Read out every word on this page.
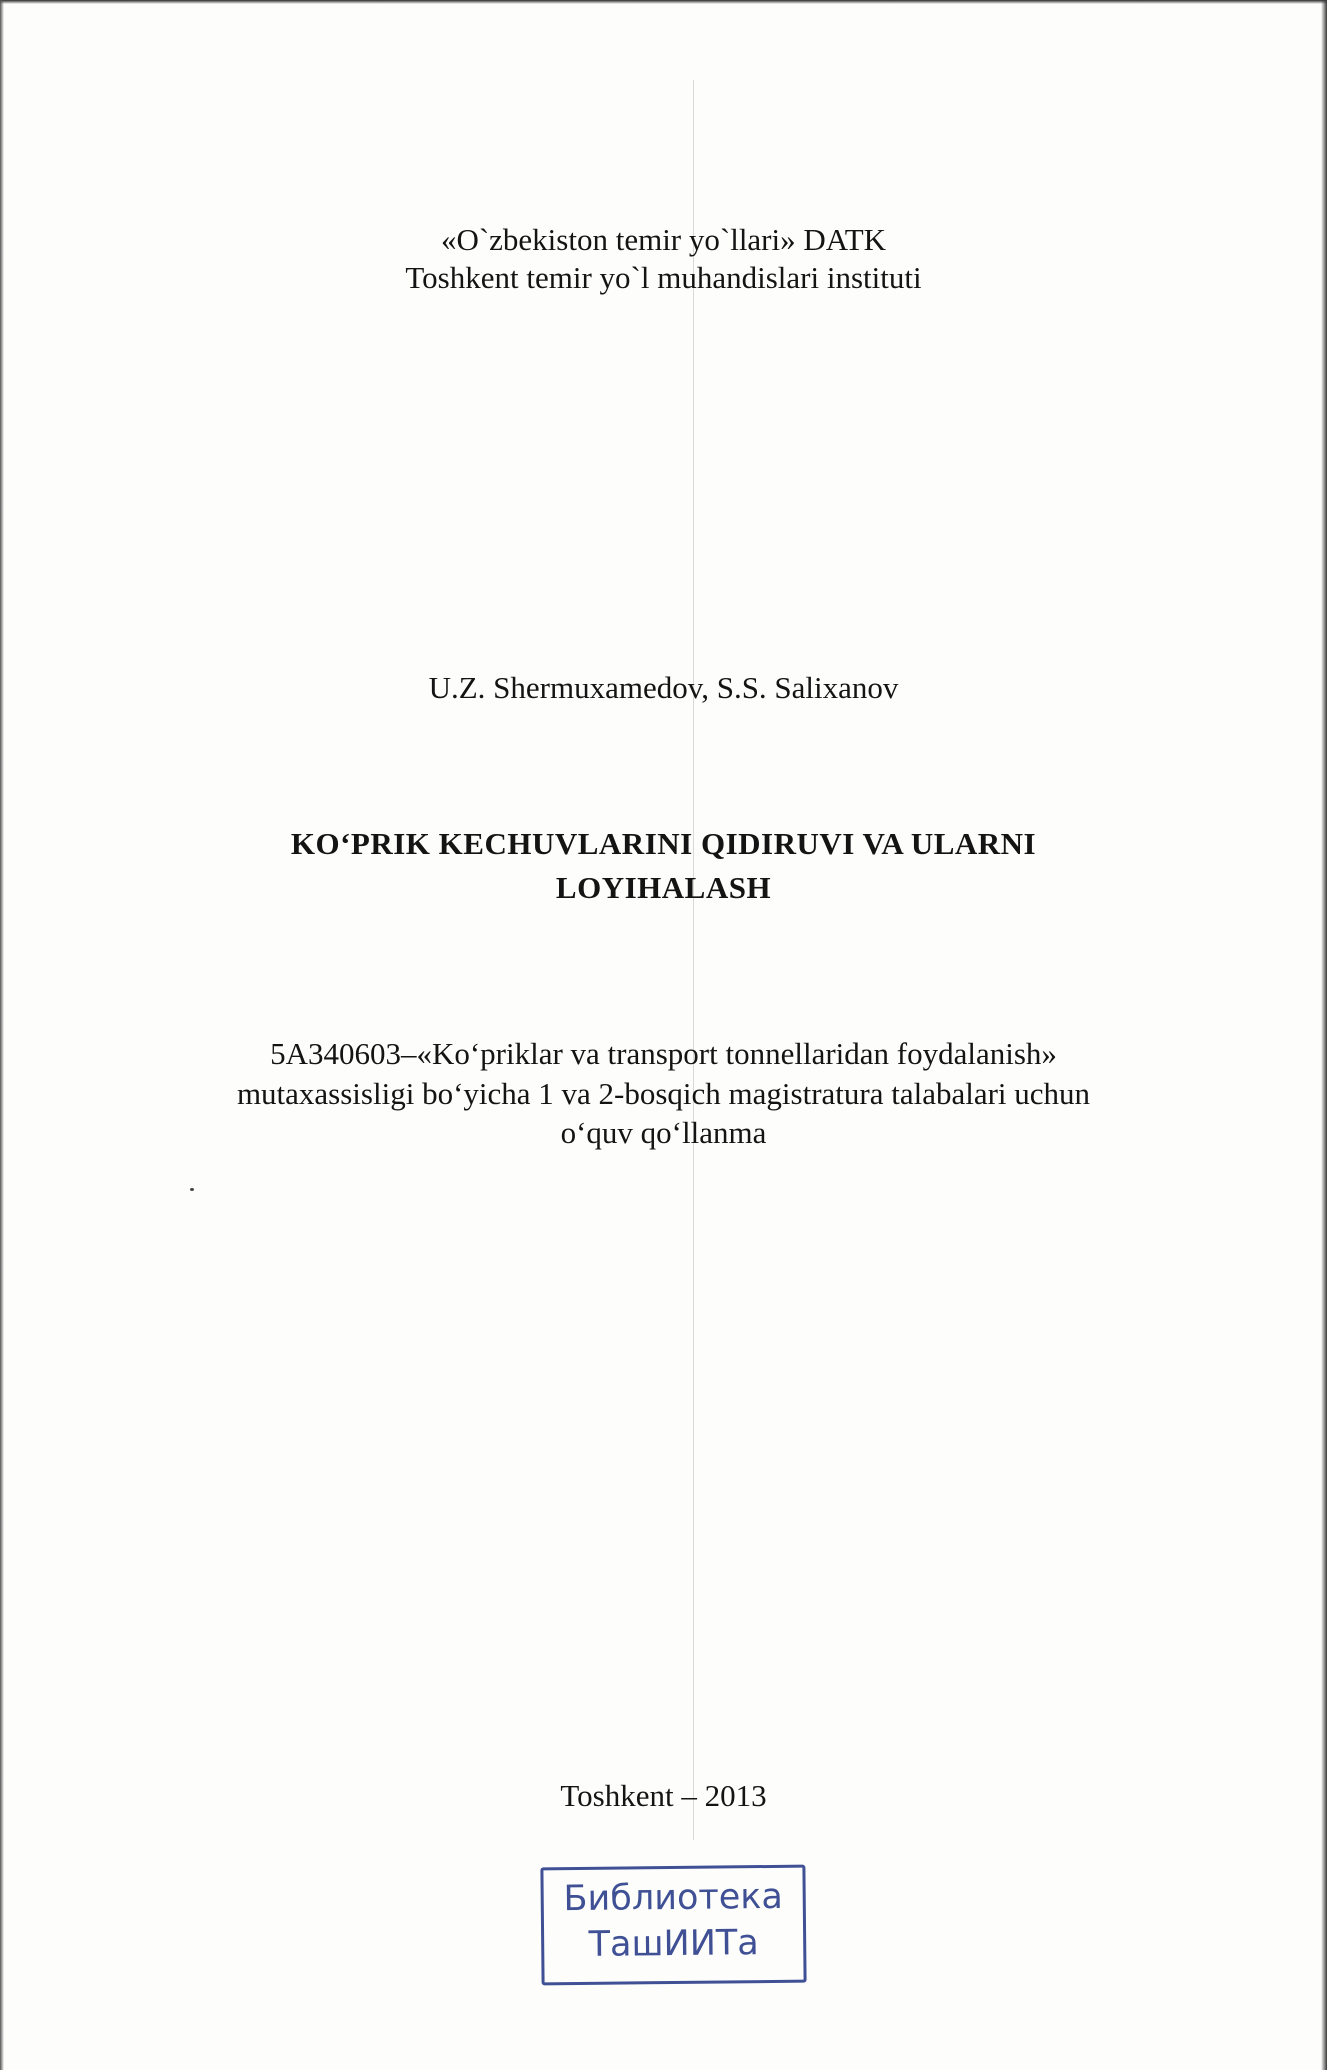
«O`zbekiston temir yo`llari» DATK
Toshkent temir yo`l muhandislari instituti
U.Z. Shermuxamedov, S.S. Salixanov
KO‘PRIK KECHUVLARINI QIDIRUVI VA ULARNI
LOYIHALASH
5A340603–«Ko‘priklar va transport tonnellaridan foydalanish»
mutaxassisligi bo‘yicha 1 va 2-bosqich magistratura talabalari uchun
o‘quv qo‘llanma
Toshkent – 2013
Библиотека
ТашИИТа
